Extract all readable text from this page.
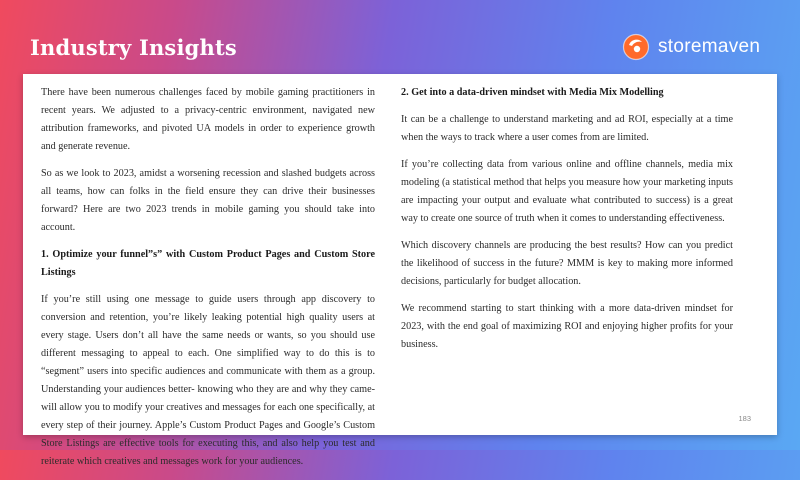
Industry Insights	storemaven

There have been numerous challenges faced by mobile gaming practitioners in recent years. We adjusted to a privacy-centric environment, navigated new attribution frameworks, and pivoted UA models in order to experience growth and generate revenue.

So as we look to 2023, amidst a worsening recession and slashed budgets across all teams, how can folks in the field ensure they can drive their businesses forward? Here are two 2023 trends in mobile gaming you should take into account.

1. Optimize your funnel”s” with Custom Product Pages and Custom Store Listings

If you’re still using one message to guide users through app discovery to conversion and retention, you’re likely leaking potential high quality users at every stage. Users don’t all have the same needs or wants, so you should use different messaging to appeal to each. One simplified way to do this is to “segment” users into specific audiences and communicate with them as a group. Understanding your audiences better- knowing who they are and why they came- will allow you to modify your creatives and messages for each one specifically, at every step of their journey. Apple’s Custom Product Pages and Google’s Custom Store Listings are effective tools for executing this, and also help you test and reiterate which creatives and messages work for your audiences.

2. Get into a data-driven mindset with Media Mix Modelling

It can be a challenge to understand marketing and ad ROI, especially at a time when the ways to track where a user comes from are limited.

If you’re collecting data from various online and offline channels, media mix modeling (a statistical method that helps you measure how your marketing inputs are impacting your output and evaluate what contributed to success) is a great way to create one source of truth when it comes to understanding effectiveness.

Which discovery channels are producing the best results? How can you predict the likelihood of success in the future? MMM is key to making more informed decisions, particularly for budget allocation.

We recommend starting to start thinking with a more data-driven mindset for 2023, with the end goal of maximizing ROI and enjoying higher profits for your business.

183
